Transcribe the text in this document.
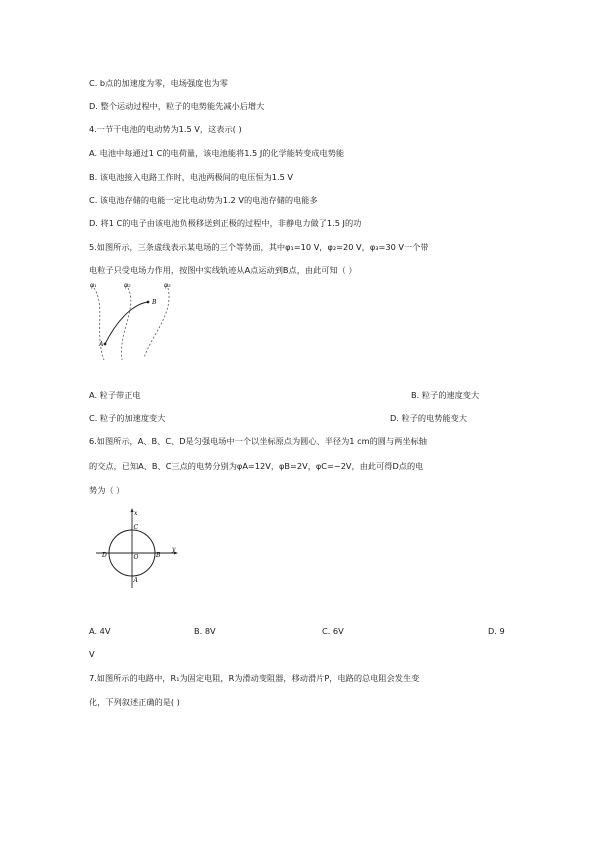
C. b点的加速度为零，电场强度也为零
D. 整个运动过程中，粒子的电势能先减小后增大
4.一节干电池的电动势为1.5 V，这表示( )
A. 电池中每通过1 C的电荷量，该电池能将1.5 J的化学能转变成电势能
B. 该电池接入电路工作时，电池两极间的电压恒为1.5 V
C. 该电池存储的电能一定比电动势为1.2 V的电池存储的电能多
D. 将1 C的电子由该电池负极移送到正极的过程中，非静电力做了1.5 J的功
5.如图所示，三条虚线表示某电场的三个等势面，其中φ₁=10 V，φ₂=20 V，φ₃=30 V一个带
电粒子只受电场力作用，按图中实线轨迹从A点运动到B点，由此可知（ ）
φ₁	φ₂	φ₃
A
B
A. 粒子带正电	B. 粒子的速度变大
C. 粒子的加速度变大	D. 粒子的电势能变大
6.如图所示，A、B、C、D是匀强电场中一个以坐标原点为圆心、半径为1 cm的圆与两坐标轴
的交点，已知A、B、C三点的电势分别为φA=12V，φB=2V，φC=−2V，由此可得D点的电
势为（ ）
x
y
O
C
A
D	B
A. 4V	B. 8V	C. 6V	D. 9
V
7.如图所示的电路中，R₁为固定电阻，R为滑动变阻器，移动滑片P，电路的总电阻会发生变
化，下列叙述正确的是( )
